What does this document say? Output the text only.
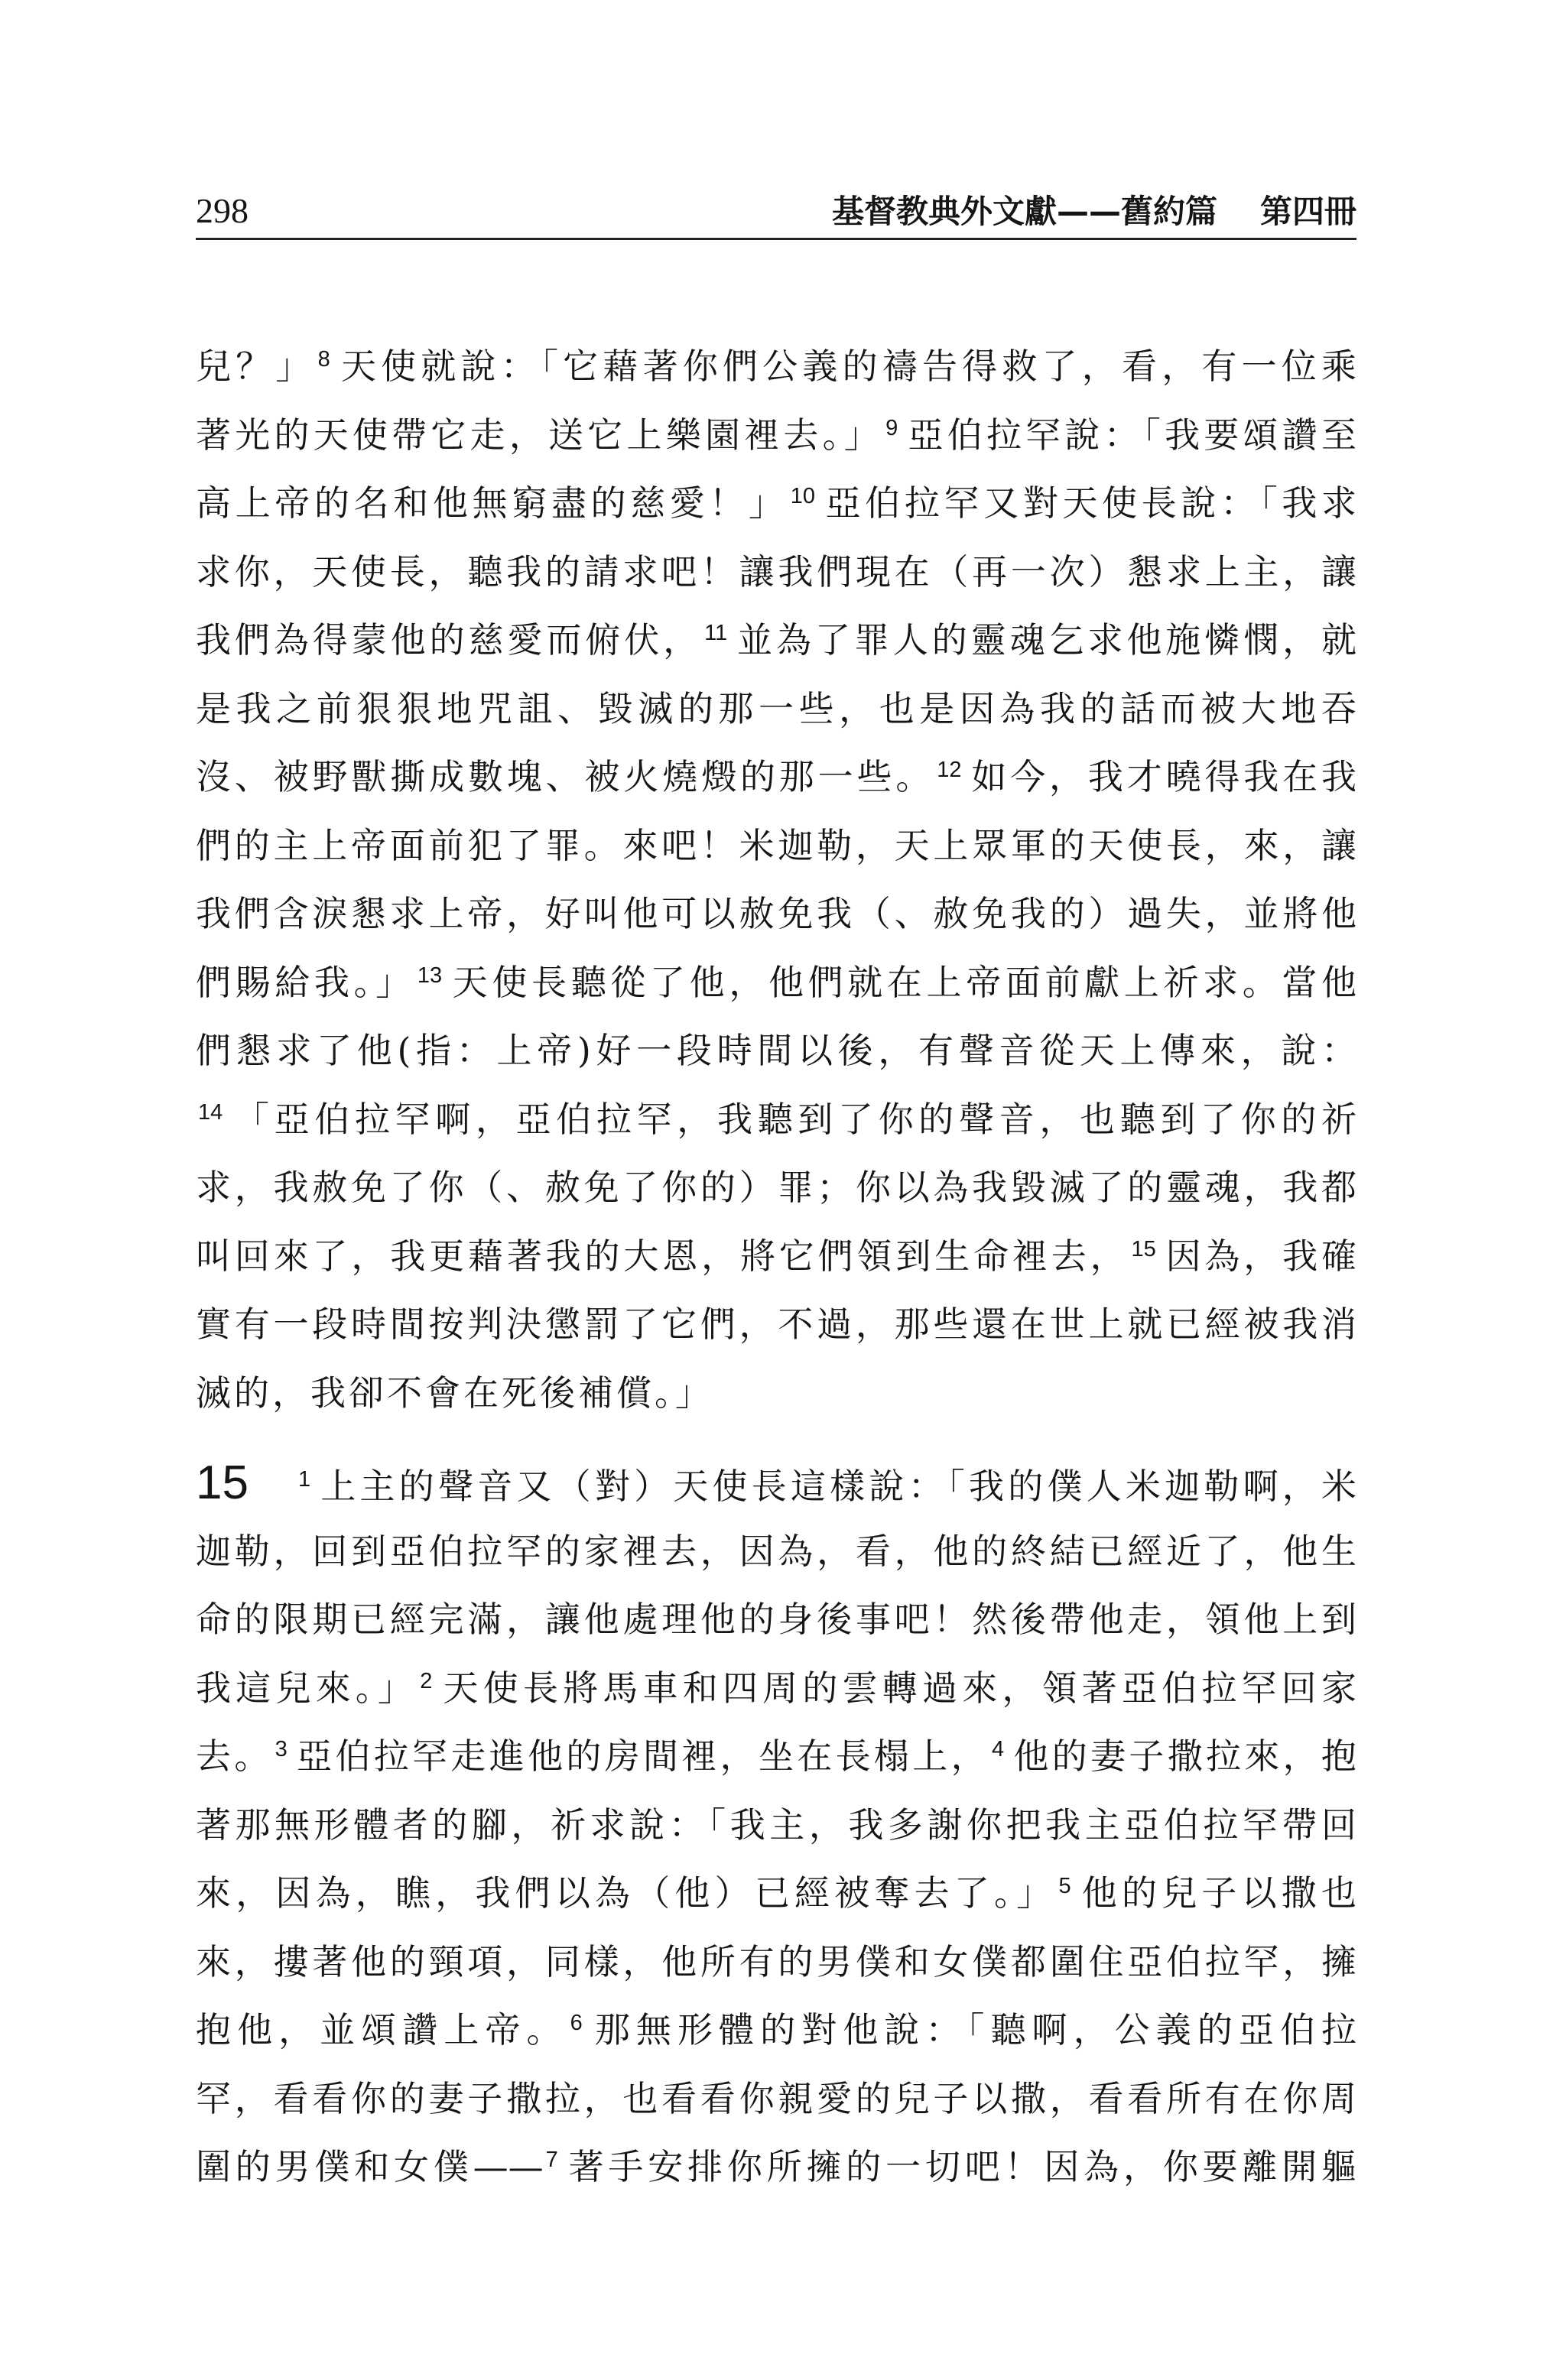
298	基督教典外文獻——舊約篇 第四冊
兒？」 $^8$ 天使就說：「它藉著你們公義的禱告得救了，看，有一位乘
著光的天使帶它走，送它上樂園裡去。」 $^9$ 亞伯拉罕說：「我要頌讚至
高上帝的名和他無窮盡的慈愛！」 $^{10}$ 亞伯拉罕又對天使長說：「我求
求你，天使長，聽我的請求吧！讓我們現在（再一次）懇求上主，讓
我們為得蒙他的慈愛而俯伏， $^{11}$ 並為了罪人的靈魂乞求他施憐憫，就
是我之前狠狠地咒詛、毀滅的那一些，也是因為我的話而被大地吞
沒、被野獸撕成數塊、被火燒燬的那一些。 $^{12}$ 如今，我才曉得我在我
們的主上帝面前犯了罪。來吧！米迦勒，天上眾軍的天使長，來，讓
我們含淚懇求上帝，好叫他可以赦免我（、赦免我的）過失，並將他
們賜給我。」 $^{13}$ 天使長聽從了他，他們就在上帝面前獻上祈求。當他
們懇求了他(指：上帝)好一段時間以後，有聲音從天上傳來，說：
$^{14}$ 「亞伯拉罕啊，亞伯拉罕，我聽到了你的聲音，也聽到了你的祈
求，我赦免了你（、赦免了你的）罪；你以為我毀滅了的靈魂，我都
叫回來了，我更藉著我的大恩，將它們領到生命裡去， $^{15}$ 因為，我確
實有一段時間按判決懲罰了它們，不過，那些還在世上就已經被我消
滅的，我卻不會在死後補償。」
15 $^1$ 上主的聲音又（對）天使長這樣說：「我的僕人米迦勒啊，米
迦勒，回到亞伯拉罕的家裡去，因為，看，他的終結已經近了，他生
命的限期已經完滿，讓他處理他的身後事吧！然後帶他走，領他上到
我這兒來。」 $^2$ 天使長將馬車和四周的雲轉過來，領著亞伯拉罕回家
去。 $^3$ 亞伯拉罕走進他的房間裡，坐在長榻上， $^4$ 他的妻子撒拉來，抱
著那無形體者的腳，祈求說：「我主，我多謝你把我主亞伯拉罕帶回
來，因為，瞧，我們以為（他）已經被奪去了。」 $^5$ 他的兒子以撒也
來，摟著他的頸項，同樣，他所有的男僕和女僕都圍住亞伯拉罕，擁
抱他，並頌讚上帝。 $^6$ 那無形體的對他說：「聽啊，公義的亞伯拉
罕，看看你的妻子撒拉，也看看你親愛的兒子以撒，看看所有在你周
圍的男僕和女僕—— $^7$ 著手安排你所擁的一切吧！因為，你要離開軀
